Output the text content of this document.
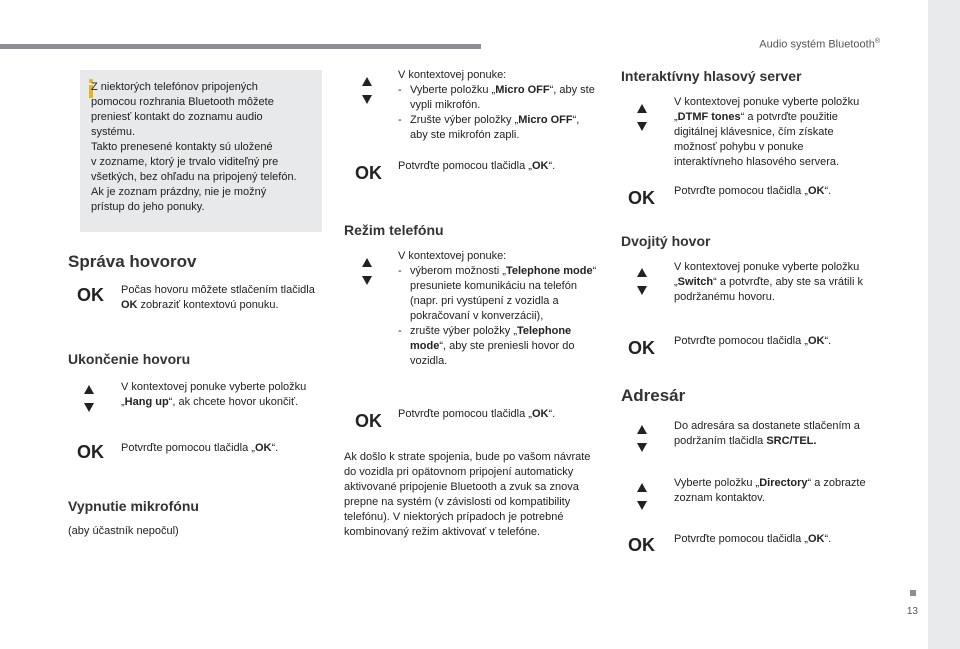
Audio systém Bluetooth®
13
Z niektorých telefónov pripojených
pomocou rozhrania Bluetooth môžete
preniesť kontakt do zoznamu audio
systému.
Takto prenesené kontakty sú uložené
v zozname, ktorý je trvalo viditeľný pre
všetkých, bez ohľadu na pripojený telefón.
Ak je zoznam prázdny, nie je možný
prístup do jeho ponuky.
Správa hovorov
OK Počas hovoru môžete stlačením tlačidla OK zobraziť kontextovú ponuku.
Ukončenie hovoru
V kontextovej ponuke vyberte položku „Hang up“, ak chcete hovor ukončiť.
OK Potvrďte pomocou tlačidla „OK“.
Vypnutie mikrofónu
(aby účastník nepočul)
V kontextovej ponuke:
- Vyberte položku „Micro OFF“, aby ste vypli mikrofón.
- Zrušte výber položky „Micro OFF“, aby ste mikrofón zapli.
OK Potvrďte pomocou tlačidla „OK“.
Režim telefónu
V kontextovej ponuke:
- výberom možnosti „Telephone mode“ presuniete komunikáciu na telefón (napr. pri vystúpení z vozidla a pokračovaní v konverzácii),
- zrušte výber položky „Telephone mode“, aby ste preniesli hovor do vozidla.
OK Potvrďte pomocou tlačidla „OK“.
Ak došlo k strate spojenia, bude po vašom návrate do vozidla pri opätovnom pripojení automaticky aktivované pripojenie Bluetooth a zvuk sa znova prepne na systém (v závislosti od kompatibility telefónu). V niektorých prípadoch je potrebné kombinovaný režim aktivovať v telefóne.
Interaktívny hlasový server
V kontextovej ponuke vyberte položku „DTMF tones“ a potvrďte použitie digitálnej klávesnice, čím získate možnosť pohybu v ponuke interaktívneho hlasového servera.
OK Potvrďte pomocou tlačidla „OK“.
Dvojitý hovor
V kontextovej ponuke vyberte položku „Switch“ a potvrďte, aby ste sa vrátili k podržanému hovoru.
OK Potvrďte pomocou tlačidla „OK“.
Adresár
Do adresára sa dostanete stlačením a podržaním tlačidla SRC/TEL.
Vyberte položku „Directory“ a zobrazte zoznam kontaktov.
OK Potvrďte pomocou tlačidla „OK“.
